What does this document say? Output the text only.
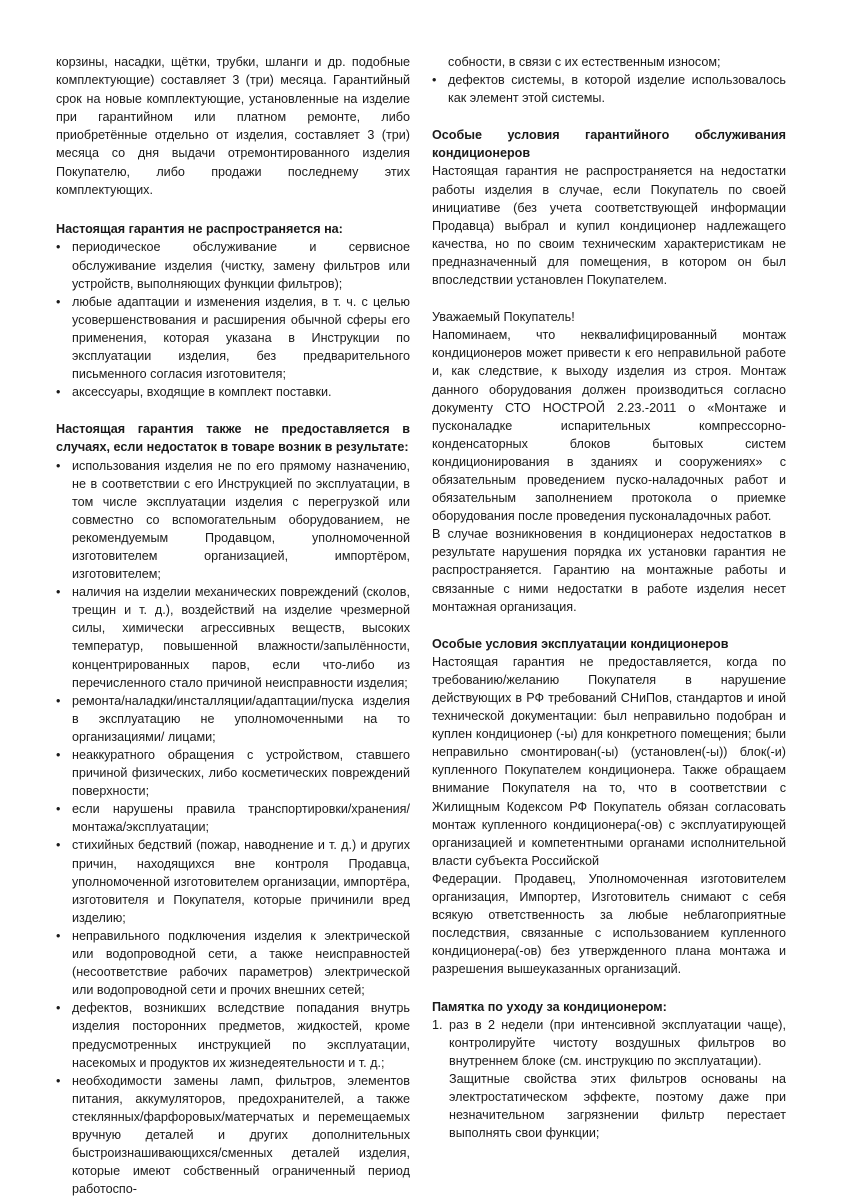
корзины, насадки, щётки, трубки, шланги и др. подобные комплектующие) составляет 3 (три) месяца. Гарантийный срок на новые комплектующие, установленные на изделие при гарантийном или платном ремонте, либо приобретённые отдельно от изделия, составляет 3 (три) месяца со дня выдачи отремонтированного изделия Покупателю, либо продажи последнему этих комплектующих.

Настоящая гарантия не распространяется на:

• периодическое обслуживание и сервисное обслуживание изделия (чистку, замену фильтров или устройств, выполняющих функции фильтров);
• любые адаптации и изменения изделия, в т. ч. с целью усовершенствования и расширения обычной сферы его применения, которая указана в Инструкции по эксплуатации изделия, без предварительного письменного согласия изготовителя;
• аксессуары, входящие в комплект поставки.

Настоящая гарантия также не предоставляется в случаях, если недостаток в товаре возник в результате:

• использования изделия не по его прямому назначению, не в соответствии с его Инструкцией по эксплуатации, в том числе эксплуатации изделия с перегрузкой или совместно со вспомогательным оборудованием, не рекомендуемым Продавцом, уполномоченной изготовителем организацией, импортёром, изготовителем;
• наличия на изделии механических повреждений (сколов, трещин и т. д.), воздействий на изделие чрезмерной силы, химически агрессивных веществ, высоких температур, повышенной влажности/запылённости, концентрированных паров, если что-либо из перечисленного стало причиной неисправности изделия;
• ремонта/наладки/инсталляции/адаптации/пуска изделия в эксплуатацию не уполномоченными на то организациями/ лицами;
• неаккуратного обращения с устройством, ставшего причиной физических, либо косметических повреждений поверхности;
• если нарушены правила транспортировки/хранения/ монтажа/эксплуатации;
• стихийных бедствий (пожар, наводнение и т. д.) и других причин, находящихся вне контроля Продавца, уполномоченной изготовителем организации, импортёра, изготовителя и Покупателя, которые причинили вред изделию;
• неправильного подключения изделия к электрической или водопроводной сети, а также неисправностей (несоответствие рабочих параметров) электрической или водопроводной сети и прочих внешних сетей;
• дефектов, возникших вследствие попадания внутрь изделия посторонних предметов, жидкостей, кроме предусмотренных инструкцией по эксплуатации, насекомых и продуктов их жизнедеятельности и т. д.;
• необходимости замены ламп, фильтров, элементов питания, аккумуляторов, предохранителей, а также стеклянных/фарфоровых/матерчатых и перемещаемых вручную деталей и других дополнительных быстроизнашивающихся/сменных деталей изделия, которые имеют собственный ограниченный период работоспо-

собности, в связи с их естественным износом;

• дефектов системы, в которой изделие использовалось как элемент этой системы.

Особые условия гарантийного обслуживания кондиционеров

Настоящая гарантия не распространяется на недостатки работы изделия в случае, если Покупатель по своей инициативе (без учета соответствующей информации Продавца) выбрал и купил кондиционер надлежащего качества, но по своим техническим характеристикам не предназначенный для помещения, в котором он был впоследствии установлен Покупателем.

Уважаемый Покупатель!

Напоминаем, что неквалифицированный монтаж кондиционеров может привести к его неправильной работе и, как следствие, к выходу изделия из строя. Монтаж данного оборудования должен производиться согласно документу СТО НОСТРОЙ 2.23.-2011 о «Монтаже и пусконаладке испарительных компрессорно-конденсаторных блоков бытовых систем кондиционирования в зданиях и сооружениях» с обязательным проведением пуско-наладочных работ и обязательным заполнением протокола о приемке оборудования после проведения пусконаладочных работ.

В случае возникновения в кондиционерах недостатков в результате нарушения порядка их установки гарантия не распространяется. Гарантию на монтажные работы и связанные с ними недостатки в работе изделия несет монтажная организация.

Особые условия эксплуатации кондиционеров

Настоящая гарантия не предоставляется, когда по требованию/желанию Покупателя в нарушение действующих в РФ требований СНиПов, стандартов и иной технической документации: был неправильно подобран и куплен кондиционер (-ы) для конкретного помещения; были неправильно смонтирован(-ы) (установлен(-ы)) блок(-и) купленного Покупателем кондиционера. Также обращаем внимание Покупателя на то, что в соответствии с Жилищным Кодексом РФ Покупатель обязан согласовать монтаж купленного кондиционера(-ов) с эксплуатирующей организацией и компетентными органами исполнительной власти субъекта Российской

Федерации. Продавец, Уполномоченная изготовителем организация, Импортер, Изготовитель снимают с себя всякую ответственность за любые неблагоприятные последствия, связанные с использованием купленного кондиционера(-ов) без утвержденного плана монтажа и разрешения вышеуказанных организаций.

Памятка по уходу за кондиционером:

1. раз в 2 недели (при интенсивной эксплуатации чаще), контролируйте чистоту воздушных фильтров во внутреннем блоке (см. инструкцию по эксплуатации).

Защитные свойства этих фильтров основаны на электростатическом эффекте, поэтому даже при незначительном загрязнении фильтр перестает выполнять свои функции;
